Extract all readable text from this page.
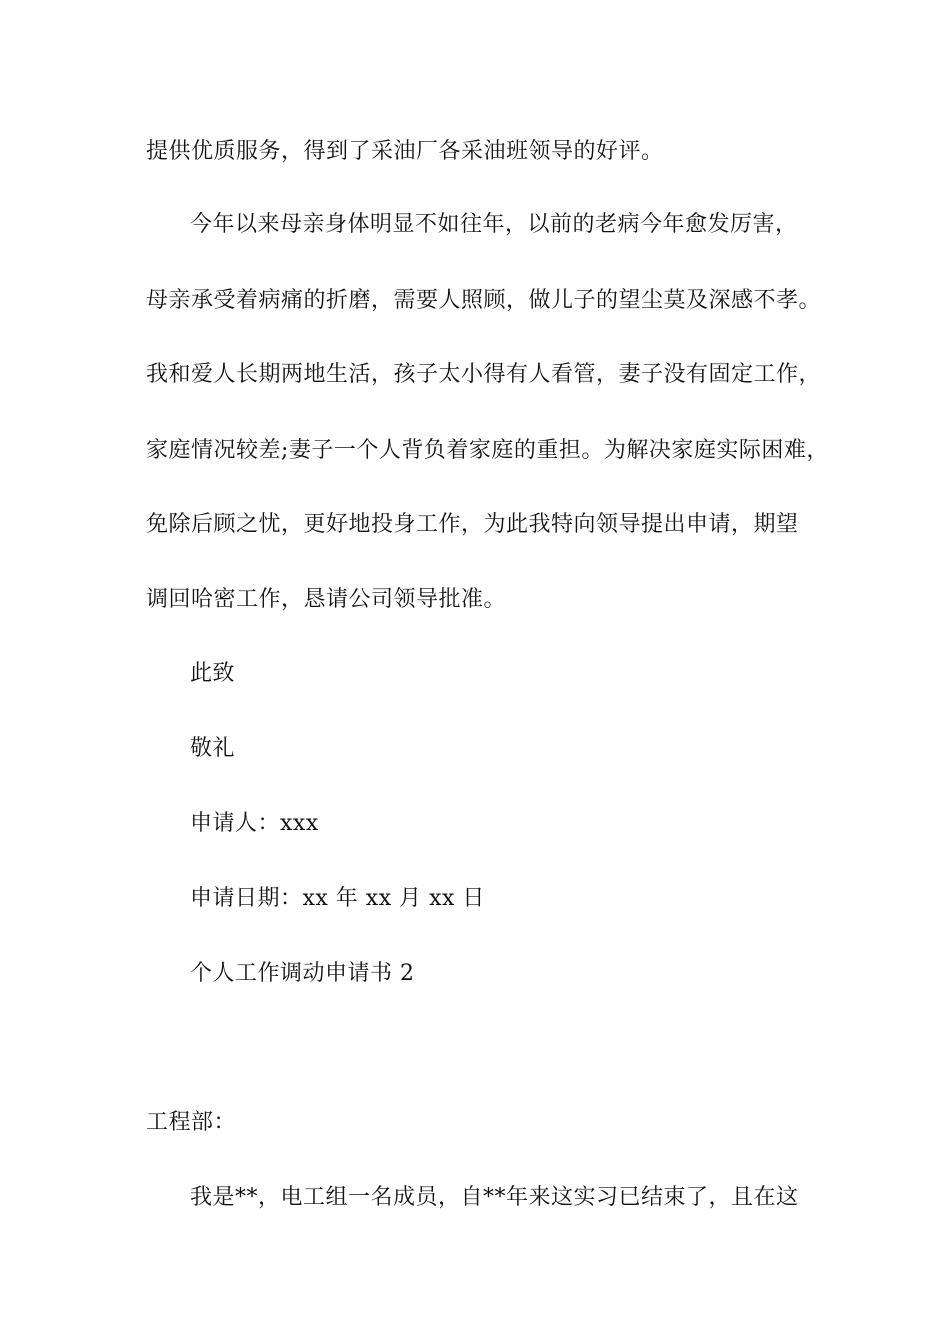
提供优质服务，得到了采油厂各采油班领导的好评。
今年以来母亲身体明显不如往年，以前的老病今年愈发厉害，
母亲承受着病痛的折磨，需要人照顾，做儿子的望尘莫及深感不孝。
我和爱人长期两地生活，孩子太小得有人看管，妻子没有固定工作，
家庭情况较差;妻子一个人背负着家庭的重担。为解决家庭实际困难，
免除后顾之忧，更好地投身工作，为此我特向领导提出申请，期望
调回哈密工作，恳请公司领导批准。
此致
敬礼
申请人：xxx
申请日期：xx 年 xx 月 xx 日
个人工作调动申请书 2
工程部：
我是**，电工组一名成员，自**年来这实习已结束了，且在这
